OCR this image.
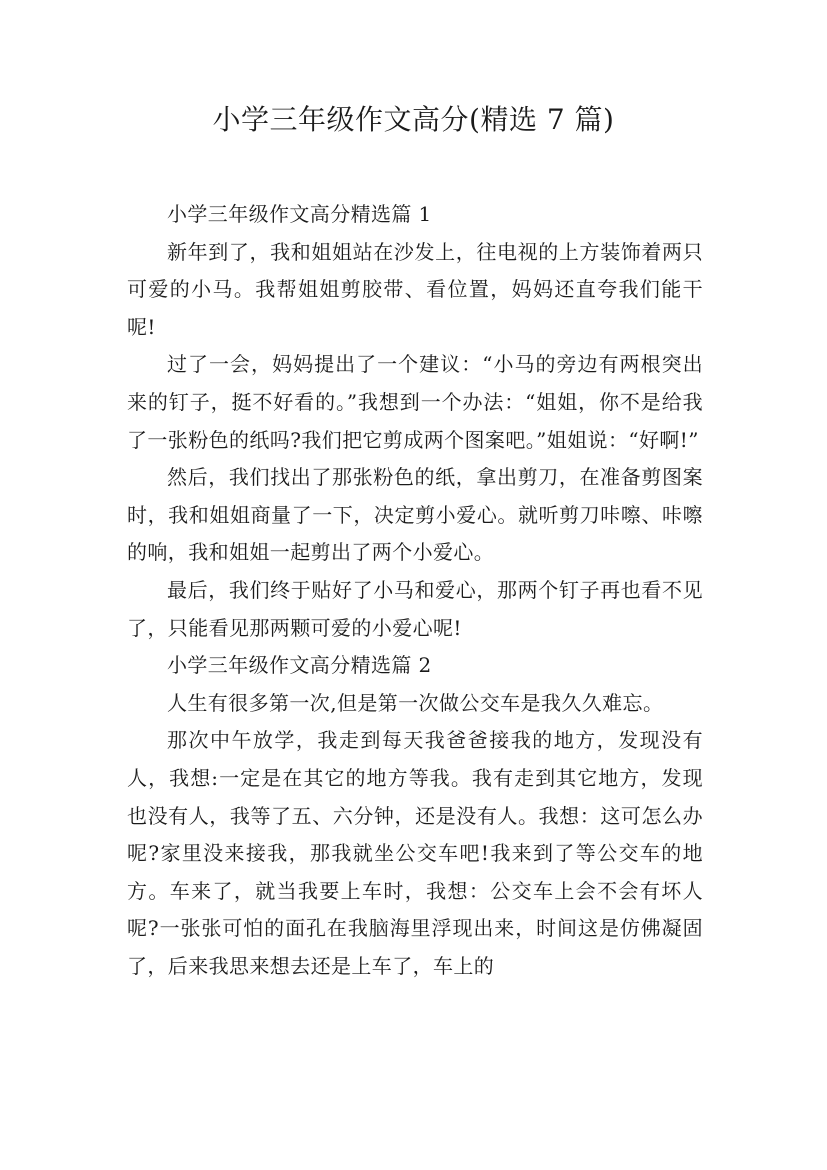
小学三年级作文高分(精选 7 篇)

小学三年级作文高分精选篇 1

新年到了，我和姐姐站在沙发上，往电视的上方装饰着两只可爱的小马。我帮姐姐剪胶带、看位置，妈妈还直夸我们能干呢!

过了一会，妈妈提出了一个建议：“小马的旁边有两根突出来的钉子，挺不好看的。”我想到一个办法：“姐姐，你不是给我了一张粉色的纸吗?我们把它剪成两个图案吧。”姐姐说：“好啊!”

然后，我们找出了那张粉色的纸，拿出剪刀，在准备剪图案时，我和姐姐商量了一下，决定剪小爱心。就听剪刀咔嚓、咔嚓的响，我和姐姐一起剪出了两个小爱心。

最后，我们终于贴好了小马和爱心，那两个钉子再也看不见了，只能看见那两颗可爱的小爱心呢!

小学三年级作文高分精选篇 2

人生有很多第一次,但是第一次做公交车是我久久难忘。

那次中午放学，我走到每天我爸爸接我的地方，发现没有人，我想:一定是在其它的地方等我。我有走到其它地方，发现也没有人，我等了五、六分钟，还是没有人。我想：这可怎么办呢?家里没来接我，那我就坐公交车吧!我来到了等公交车的地方。车来了，就当我要上车时，我想：公交车上会不会有坏人呢?一张张可怕的面孔在我脑海里浮现出来，时间这是仿佛凝固了，后来我思来想去还是上车了，车上的
